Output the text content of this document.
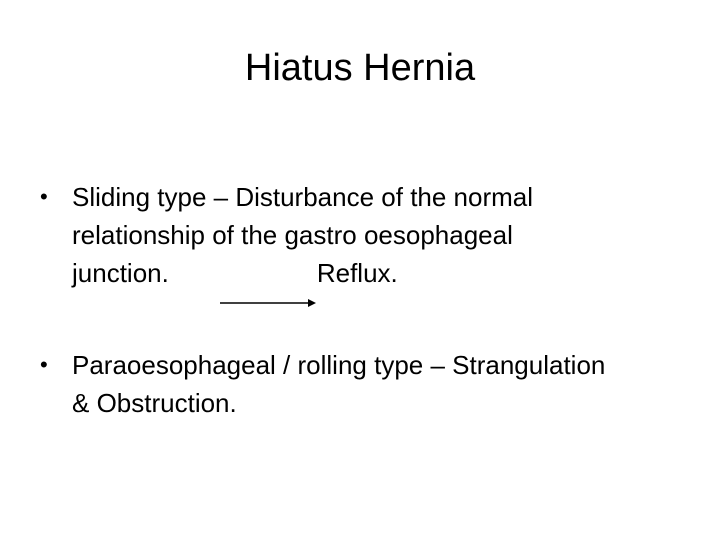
Hiatus Hernia
• Sliding type – Disturbance of the normal
relationship of the gastro oesophageal
junction.	Reflux.
• Paraoesophageal / rolling type – Strangulation
& Obstruction.
